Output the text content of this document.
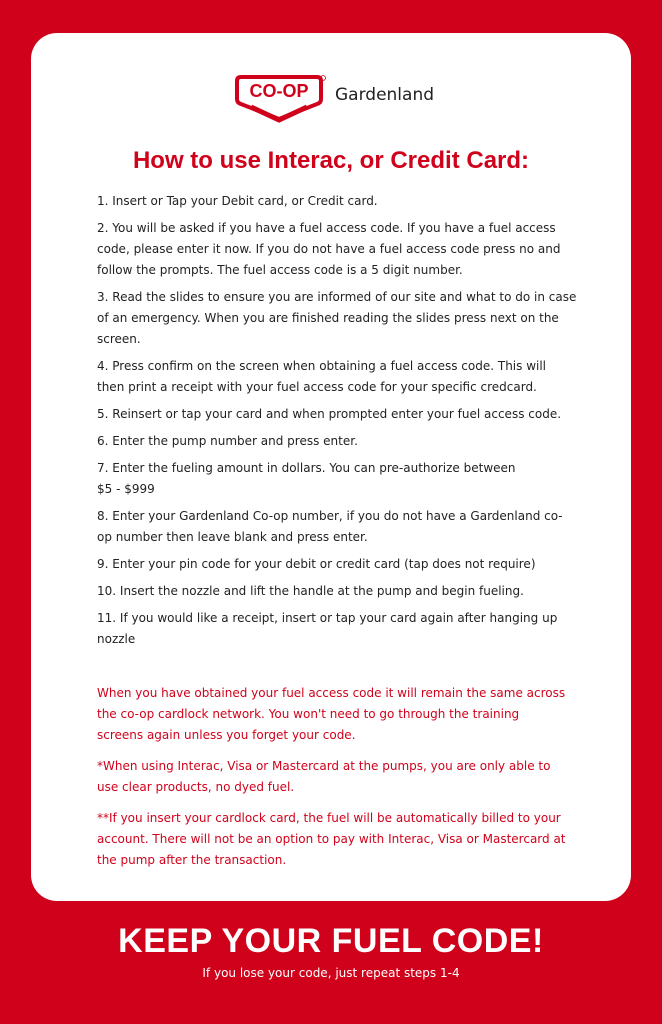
CO-OP Gardenland
How to use Interac, or Credit Card:

1. Insert or Tap your Debit card, or Credit card.

2. You will be asked if you have a fuel access code. If you have a fuel access code, please enter it now. If you do not have a fuel access code press no and follow the prompts. The fuel access code is a 5 digit number.

3. Read the slides to ensure you are informed of our site and what to do in case of an emergency. When you are finished reading the slides press next on the screen.

4. Press confirm on the screen when obtaining a fuel access code. This will then print a receipt with your fuel access code for your specific credcard.

5. Reinsert or tap your card and when prompted enter your fuel access code.

6. Enter the pump number and press enter.

7. Enter the fueling amount in dollars. You can pre-authorize between $5 - $999

8. Enter your Gardenland Co-op number, if you do not have a Gardenland co-op number then leave blank and press enter.

9. Enter your pin code for your debit or credit card (tap does not require)

10. Insert the nozzle and lift the handle at the pump and begin fueling.

11. If you would like a receipt, insert or tap your card again after hanging up nozzle

When you have obtained your fuel access code it will remain the same across the co-op cardlock network. You won't need to go through the training screens again unless you forget your code.

*When using Interac, Visa or Mastercard at the pumps, you are only able to use clear products, no dyed fuel.

**If you insert your cardlock card, the fuel will be automatically billed to your account. There will not be an option to pay with Interac, Visa or Mastercard at the pump after the transaction.

KEEP YOUR FUEL CODE!

If you lose your code, just repeat steps 1-4
